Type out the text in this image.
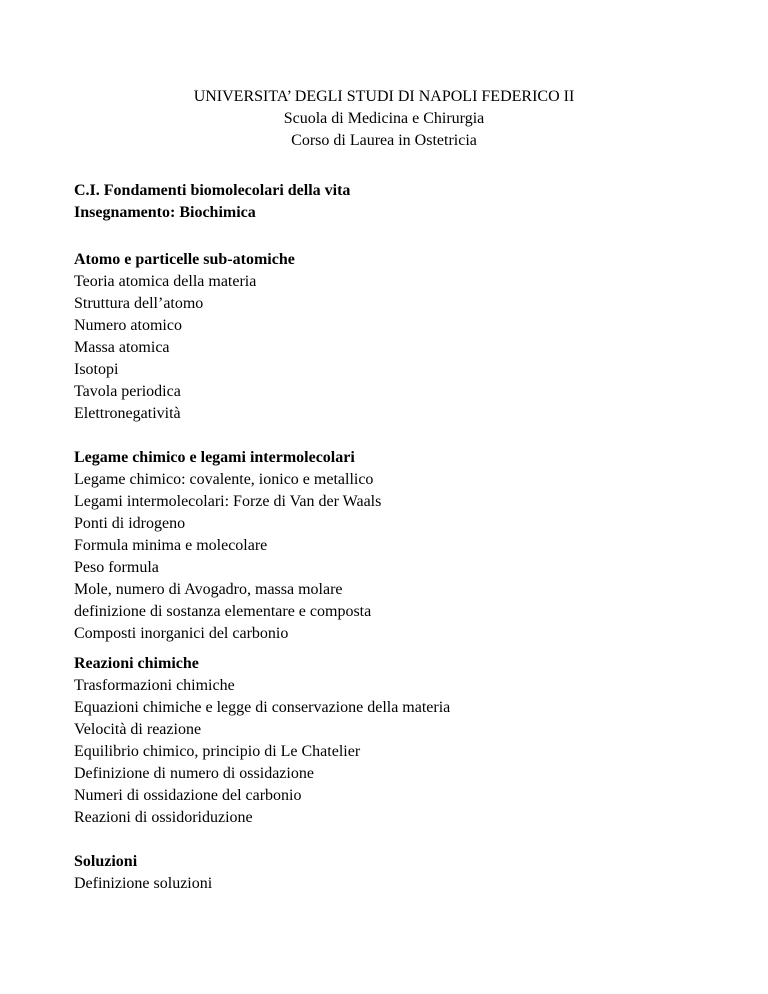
UNIVERSITA’ DEGLI STUDI DI NAPOLI FEDERICO II
Scuola di Medicina e Chirurgia
Corso di Laurea in Ostetricia
C.I. Fondamenti biomolecolari della vita
Insegnamento: Biochimica
Atomo e particelle sub-atomiche
Teoria atomica della materia
Struttura dell’atomo
Numero atomico
Massa atomica
Isotopi
Tavola periodica
Elettronegatività
Legame chimico e legami intermolecolari
Legame chimico: covalente, ionico e metallico
Legami intermolecolari: Forze di Van der Waals
Ponti di idrogeno
Formula minima e molecolare
Peso formula
Mole, numero di Avogadro, massa molare
definizione di sostanza elementare e composta
Composti inorganici del carbonio
Reazioni chimiche
Trasformazioni chimiche
Equazioni chimiche e legge di conservazione della materia
Velocità di reazione
Equilibrio chimico, principio di Le Chatelier
Definizione di numero di ossidazione
Numeri di ossidazione del carbonio
Reazioni di ossidoriduzione
Soluzioni
Definizione soluzioni
